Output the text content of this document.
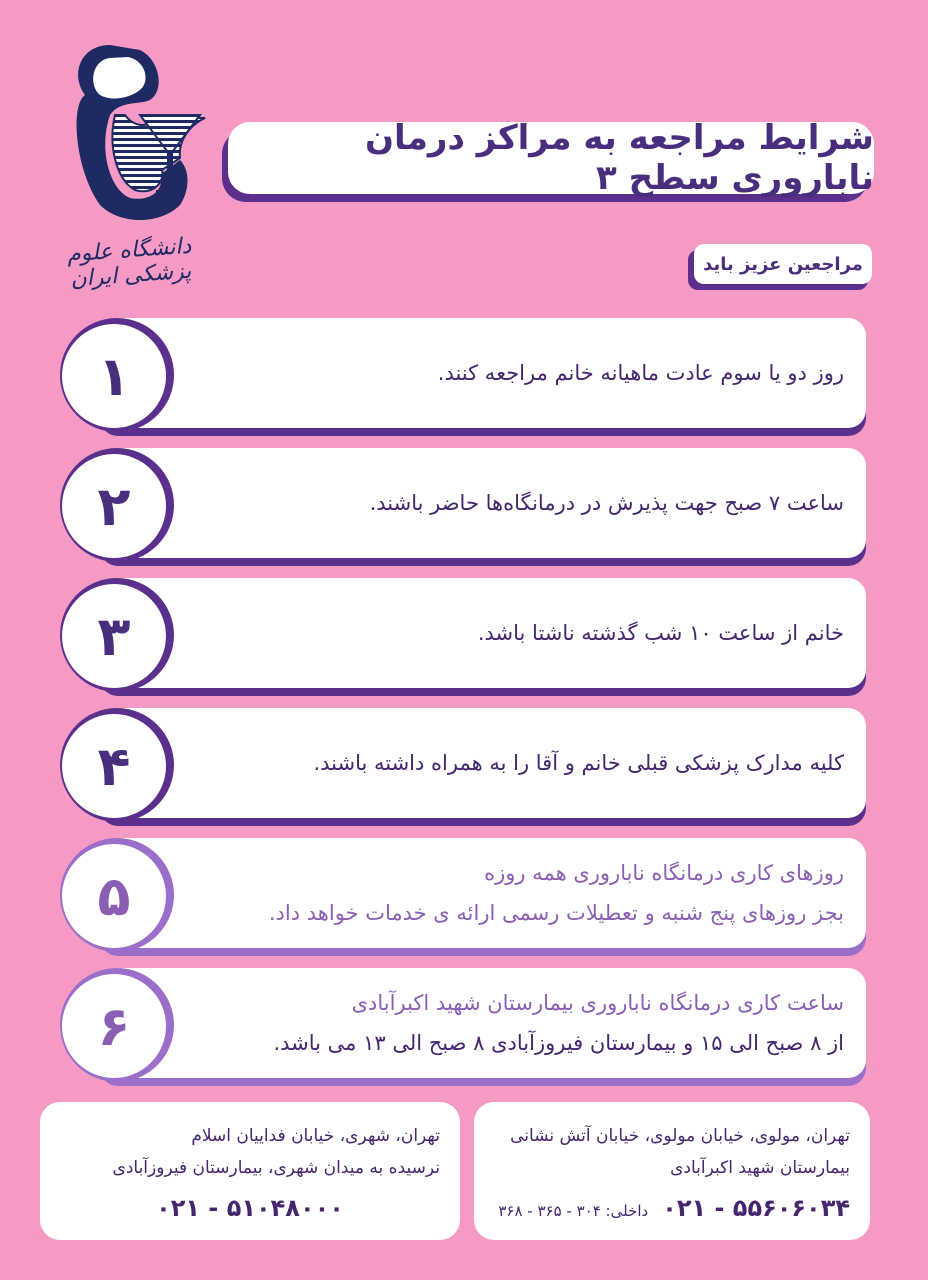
دانشگاه علوم پزشکی ایران
شرایط مراجعه به مراکز درمان ناباروری سطح ۳
مراجعین عزیز باید
روز دو یا سوم عادت ماهیانه خانم مراجعه کنند.
۱
ساعت ۷ صبح جهت پذیرش در درمانگاه‌ها حاضر باشند.
۲
خانم از ساعت ۱۰ شب گذشته ناشتا باشد.
۳
کلیه مدارک پزشکی قبلی خانم و آقا را به همراه داشته باشند.
۴
روزهای کاری درمانگاه ناباروری همه روزه
بجز روزهای پنج شنبه و تعطیلات رسمی ارائه ی خدمات خواهد داد.
۵
ساعت کاری درمانگاه ناباروری بیمارستان شهید اکبرآبادی
از ۸ صبح الی ۱۵ و بیمارستان فیروزآبادی ۸ صبح الی ۱۳ می باشد.
۶
تهران، مولوی، خیابان مولوی، خیابان آتش نشانی
بیمارستان شهید اکبرآبادی
۰۲۱ - ۵۵۶۰۶۰۳۴
داخلی: ۳۰۴ - ۳۶۵ - ۳۶۸
تهران، شهری، خیابان فداییان اسلام
نرسیده به میدان شهری، بیمارستان فیروزآبادی
۰۲۱ - ۵۱۰۴۸۰۰۰
